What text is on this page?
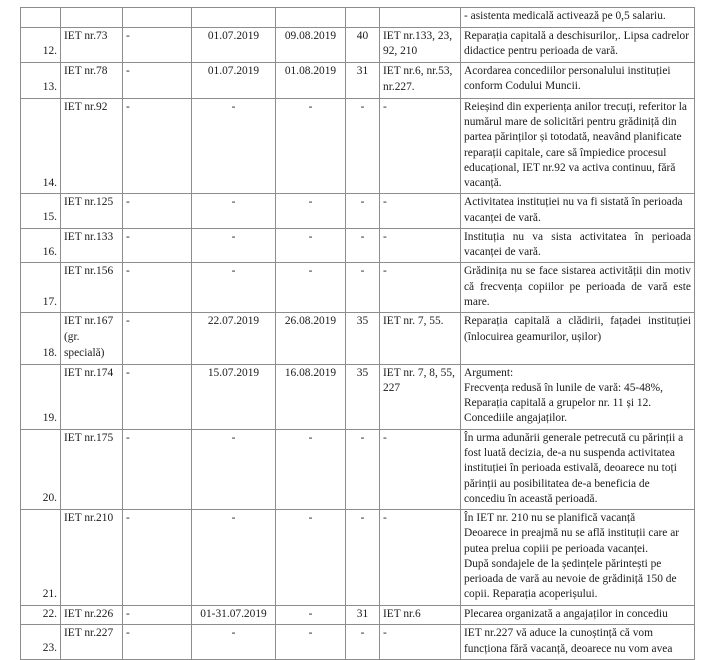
							- asistenta medicală activează pe 0,5 salariu.
12.	IET nr.73	-	01.07.2019	09.08.2019	40	IET nr.133, 23, 92, 210	Reparația capitală a deschisurilor,. Lipsa cadrelor didactice pentru perioada de vară.
13.	IET nr.78	-	01.07.2019	01.08.2019	31	IET nr.6, nr.53, nr.227.	Acordarea concediilor personalului instituției conform Codului Muncii.
14.	IET nr.92	-	-	-	-	-	Reieșind din experiența anilor trecuți, referitor la numărul mare de solicitări pentru grădiniță din partea părinților și totodată, neavând planificate reparații capitale, care să împiedice procesul educațional, IET nr.92 va activa continuu, fără vacanță.
15.	IET nr.125	-	-	-	-	-	Activitatea instituției nu va fi sistată în perioada vacanței de vară.
16.	IET nr.133	-	-	-	-	-	Instituția nu va sista activitatea în perioada vacanței de vară.
17.	IET nr.156	-	-	-	-	-	Grădinița nu se face sistarea activității din motiv că frecvența copiilor pe perioada de vară este mare.
18.	IET nr.167 (gr. specială)	-	22.07.2019	26.08.2019	35	IET nr. 7, 55.	Reparația capitală a clădirii, fațadei instituției (înlocuirea geamurilor, ușilor)
19.	IET nr.174	-	15.07.2019	16.08.2019	35	IET nr. 7, 8, 55, 227	Argument:
Frecvența redusă în lunile de vară: 45-48%,
Reparația capitală a grupelor nr. 11 și 12.
Concediile angajaților.

20.	IET nr.175	-	-	-	-	-	În urma adunării generale petrecută cu părinții a fost luată decizia, de-a nu suspenda activitatea instituției în perioada estivală, deoarece nu toți părinții au posibilitatea de-a beneficia de concediu în această perioadă.
21.	IET nr.210	-	-	-	-	-	În IET nr. 210 nu se planifică vacanță
Deoarece in preajmă nu se află instituții care ar putea prelua copiii pe perioada vacanței.
După sondajele de la ședințele părintești pe perioada de vară au nevoie de grădiniță 150 de copii. Reparația acoperișului.

22.	IET nr.226	-	01-31.07.2019	-	31	IET nr.6	Plecarea organizată a angajaților in concediu
23.	IET nr.227	-	-	-	-	-	IET nr.227 vă aduce la cunoștință că vom funcționa fără vacanță, deoarece nu vom avea
